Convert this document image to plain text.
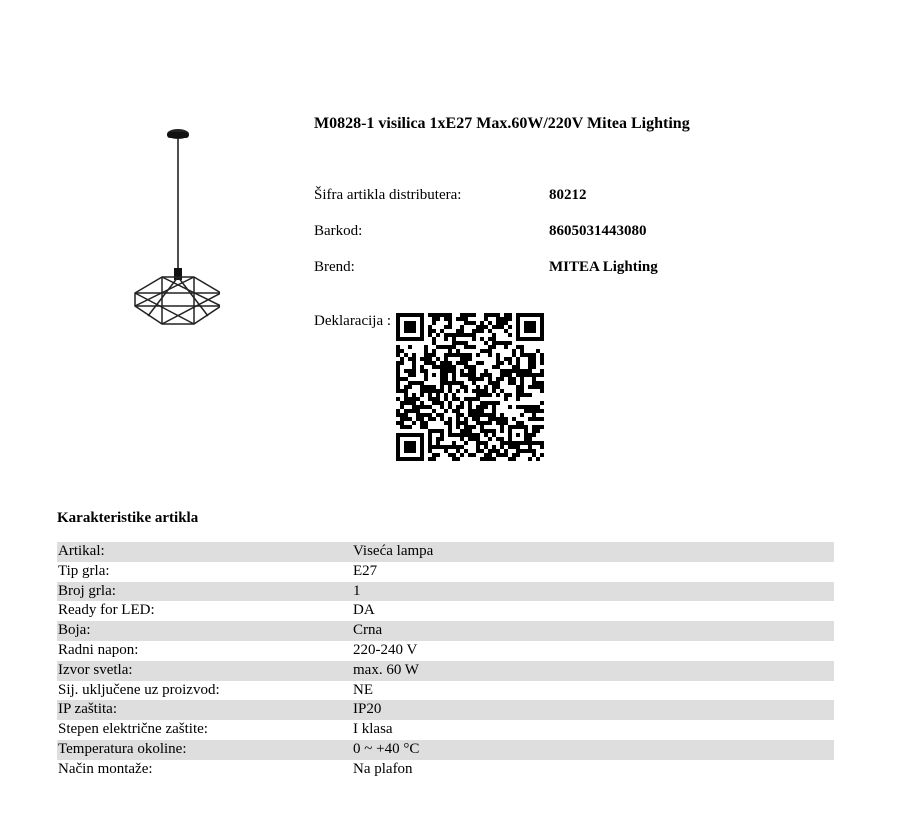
M0828-1 visilica 1xE27 Max.60W/220V Mitea Lighting
Šifra artikla distributera:	80212
Barkod:	8605031443080
Brend:	MITEA Lighting
Deklaracija :
Karakteristike artikla
Artikal:	Viseća lampa
Tip grla:	E27
Broj grla:	1
Ready for LED:	DA
Boja:	Crna
Radni napon:	220-240 V
Izvor svetla:	max. 60 W
Sij. uključene uz proizvod:	NE
IP zaštita:	IP20
Stepen električne zaštite:	I klasa
Temperatura okoline:	0 ~ +40 °C
Način montaže:	Na plafon
